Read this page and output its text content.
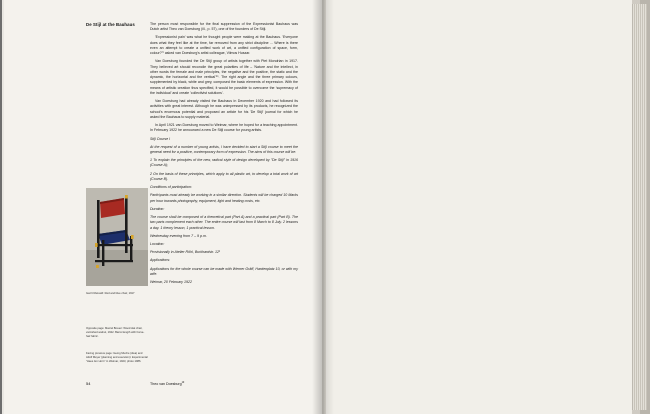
De Stijl at the Bauhaus	The person most responsible for the final suppression of the Expressionist Bauhaus was Dutch artist Theo van Doesburg (ill., p. 57), one of the founders of De Stijl.

'Expressionist pain' was what he thought people were making at the Bauhaus. 'Everyone does what they feel like at the time, far removed from any strict discipline ... Where is there even an attempt to create a unified work of art, a unified configuration of space, form, colour?'⁹ asked van Doesburg's artist colleague, Vilmos Huszar.

Van Doesburg founded the De Stijl group of artists together with Piet Mondrian in 1917. They believed art should reconcile the great polarities of life – 'Nature and the intellect, in other words the female and male principles, the negative and the positive, the static and the dynamic, the horizontal and the vertical'¹⁰. The right angle and the three primary colours, supplemented by black, white and grey, composed the basic elements of expression. With the means of artistic creation thus specified, it would be possible to overcome the 'supremacy of the individual' and create 'collectivist solutions'.

Van Doesburg had already visited the Bauhaus in December 1920 and had followed its activities with great interest. Although he was unimpressed by its products, he recognized the school's enormous potential and proposed an article for his 'De Stijl' journal for which he asked the Bauhaus to supply material.

In April 1921 van Doesburg moved to Weimar, where he hoped for a teaching appointment. In February 1922 he announced a new De Stijl course for young artists.

Stijl Course I

At the request of a number of young artists, I have decided to start a Stijl course to meet the general need for a positive, contemporary form of expression. The aims of this course will be:

1 To explain the principles of the new, radical style of design developed by "De Stijl" in 1916 (Course A);

2 On the basis of these principles, which apply to all plastic art, to develop a total work of art (Course B).

Conditions of participation:

Participants must already be working in a similar direction. Students will be charged 10 Marks per hour towards photography, equipment, light and heating costs, etc.

Duration:

The course shall be composed of a theoretical part (Part A) and a practical part (Part B). The two parts complement each other. The entire course will last from 8 March to 8 July. 2 lessons a day. 1 theory lesson, 1 practical lesson.

Wednesday evening from 7 – 9 p.m.

Location:

Provisionally in Atelier Röhl, Burkhardstr. 12¹

Applications:

Applications for the whole course can be made with Werner Gräff, Hardenplatz 10, or with my wife.

Weimar, 20 February 1922

Gerrit Rietveld: Red and blue chair, 1917
Opposite page: Marcel Breuer: Wood slat chair, varnished walnut, 1922. Barrel length with horse-hair fabric.
Facing previous page: Georg Muche (idea) and Adolf Meyer (planning and execution): Experimental "Haus Am Horn" in Weimar, 1923, photo 1986.
54	Theo van Doesburg$^{10}$
